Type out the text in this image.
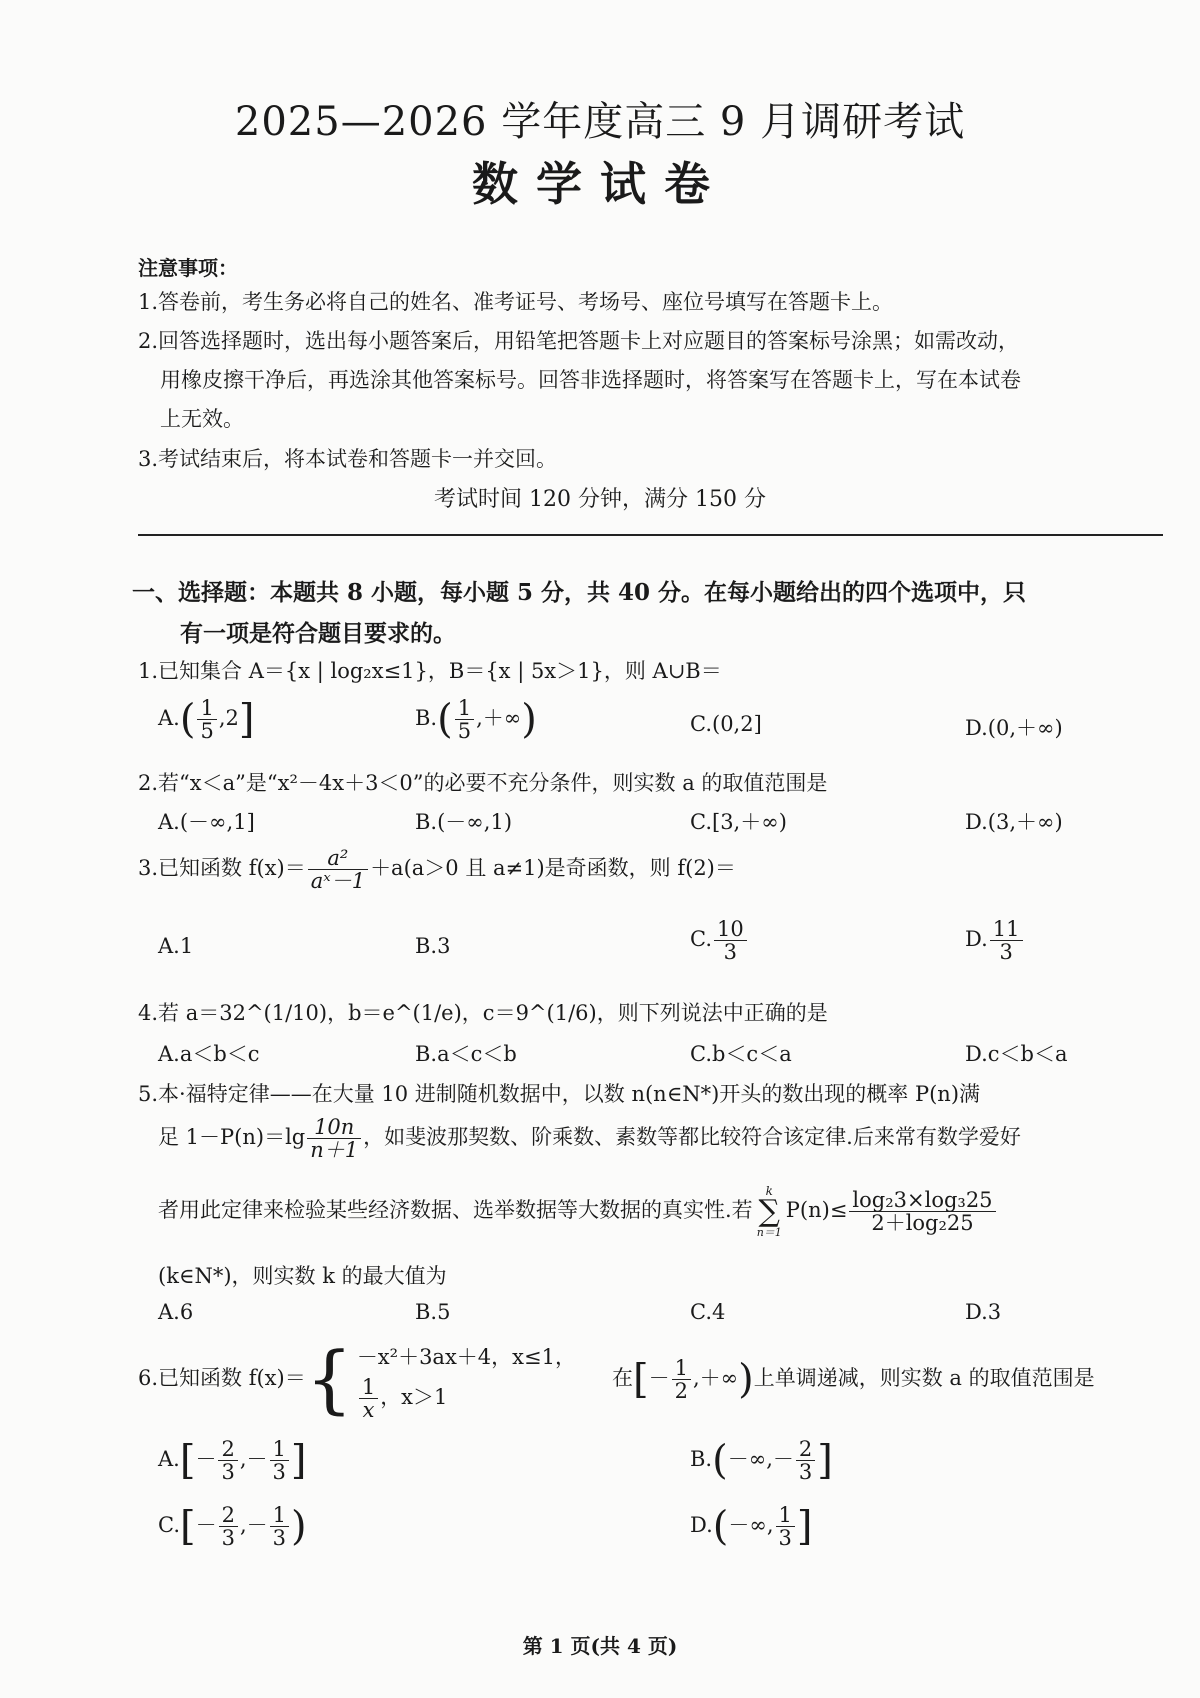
2025—2026 学年度高三 9 月调研考试
数学试卷
注意事项：
1.答卷前，考生务必将自己的姓名、准考证号、考场号、座位号填写在答题卡上。
2.回答选择题时，选出每小题答案后，用铅笔把答题卡上对应题目的答案标号涂黑；如需改动，
用橡皮擦干净后，再选涂其他答案标号。回答非选择题时，将答案写在答题卡上，写在本试卷
上无效。
3.考试结束后，将本试卷和答题卡一并交回。
考试时间 120 分钟，满分 150 分
一、选择题：本题共 8 小题，每小题 5 分，共 40 分。在每小题给出的四个选项中，只
有一项是符合题目要求的。
1.已知集合 A＝{x | log₂x≤1}，B＝{x | 5x＞1}，则 A∪B＝
$A.( \frac{1}{5} ,2]$	$B.( \frac{1}{5}$ ,＋∞)	C.(0,2]	D.(0,＋∞)
2.若“x＜a”是“x²－4x＋3＜0”的必要不充分条件，则实数 a 的取值范围是
A.(－∞,1]	B.(－∞,1)	C.[3,＋∞)	D.(3,＋∞)
3.已知函数 $f(x)= \frac{\text{a²}}{\text{aˣ－1}} +a(a>0$ 且 a≠1)是奇函数，则 f(2)＝
A.1	B.3	C. $\frac{10}{3}$	D. $\frac{11}{3}$
4.若 a＝32^(1/10)，b＝e^(1/e)，c＝9^(1/6)，则下列说法中正确的是
A.a＜b＜c	B.a＜c＜b	C.b＜c＜a	D.c＜b＜a
5.本·福特定律——在大量 10 进制随机数据中，以数 n(n∈N*)开头的数出现的概率 P(n)满
足 $1-P(n)=\lg \frac{10n}{n+1}$ ，如斐波那契数、阶乘数、素数等都比较符合该定律.后来常有数学爱好
者用此定律来检验某些经济数据、选举数据等大数据的真实性.若
k
∑
n＝1
$P(n)\le \frac{\text{log₂3×log₃25}}{\text{2＋log₂25}}$
(k∈N*)，则实数 k 的最大值为
A.6	B.5	C.4	D.3
6.已知函数 f(x)＝{ －x²＋3ax＋4，x≤1，
$\frac{1}{x}$ ，x＞1
在[－ $\frac{1}{2}$ ,＋∞)上单调递减，则实数 a 的取值范围是
$A.[- \frac{2}{3}$ ,－ $\frac{1}{3}$ ]	$B.(-\infty,- \frac{2}{3}$ ]
$C.[- \frac{2}{3}$ ,－ $\frac{1}{3}$ )	D.(－∞, $\frac{1}{3}$ ]
第 1 页(共 4 页)
